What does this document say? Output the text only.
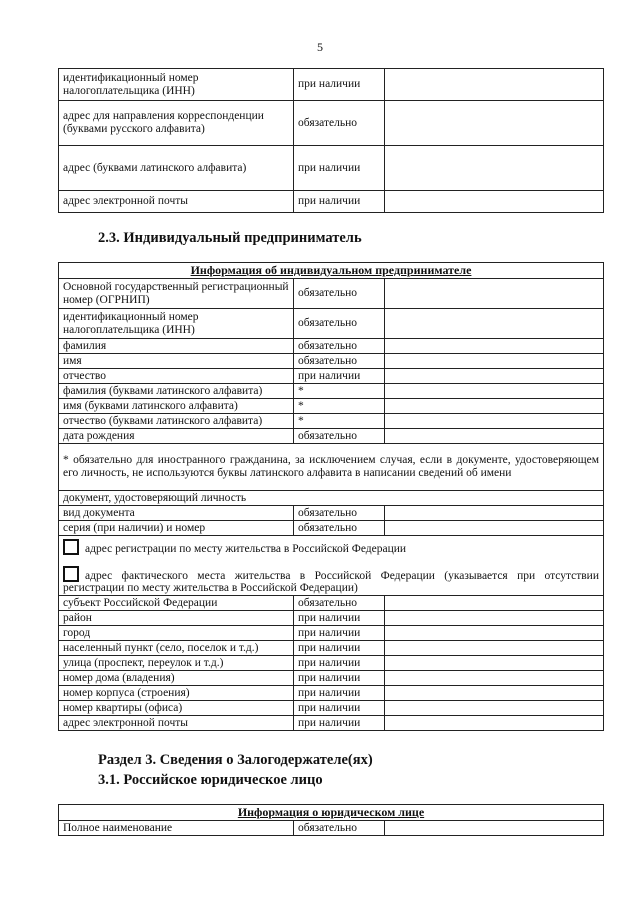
5
идентификационный номер налогоплательщика (ИНН)	при наличии	
адрес для направления корреспонденции (буквами русского алфавита)	обязательно	
адрес (буквами латинского алфавита)	при наличии	
адрес электронной почты	при наличии	
2.3. Индивидуальный предприниматель
Информация об индивидуальном предпринимателе		
Основной государственный регистрационный номер (ОГРНИП)	обязательно	
идентификационный номер налогоплательщика (ИНН)	обязательно	
фамилия	обязательно	
имя	обязательно	
отчество	при наличии	
фамилия (буквами латинского алфавита)	*	
имя (буквами латинского алфавита)	*	
отчество (буквами латинского алфавита)	*	
дата рождения	обязательно	
* обязательно для иностранного гражданина, за исключением случая, если в документе, удостоверяющем его личность, не используются буквы латинского алфавита в написании сведений об имени		
документ, удостоверяющий личность		
вид документа	обязательно	
серия (при наличии) и номер	обязательно	

адрес регистрации по месту жительства в Российской Федерации
адрес фактического места жительства в Российской Федерации (указывается при отсутствии регистрации по месту жительства в Российской Федерации)		

субъект Российской Федерации	обязательно	
район	при наличии	
город	при наличии	
населенный пункт (село, поселок и т.д.)	при наличии	
улица (проспект, переулок и т.д.)	при наличии	
номер дома (владения)	при наличии	
номер корпуса (строения)	при наличии	
номер квартиры (офиса)	при наличии	
адрес электронной почты	при наличии	
Раздел 3. Сведения о Залогодержателе(ях)
3.1. Российское юридическое лицо
Информация о юридическом лице
Полное наименование	обязательно	
